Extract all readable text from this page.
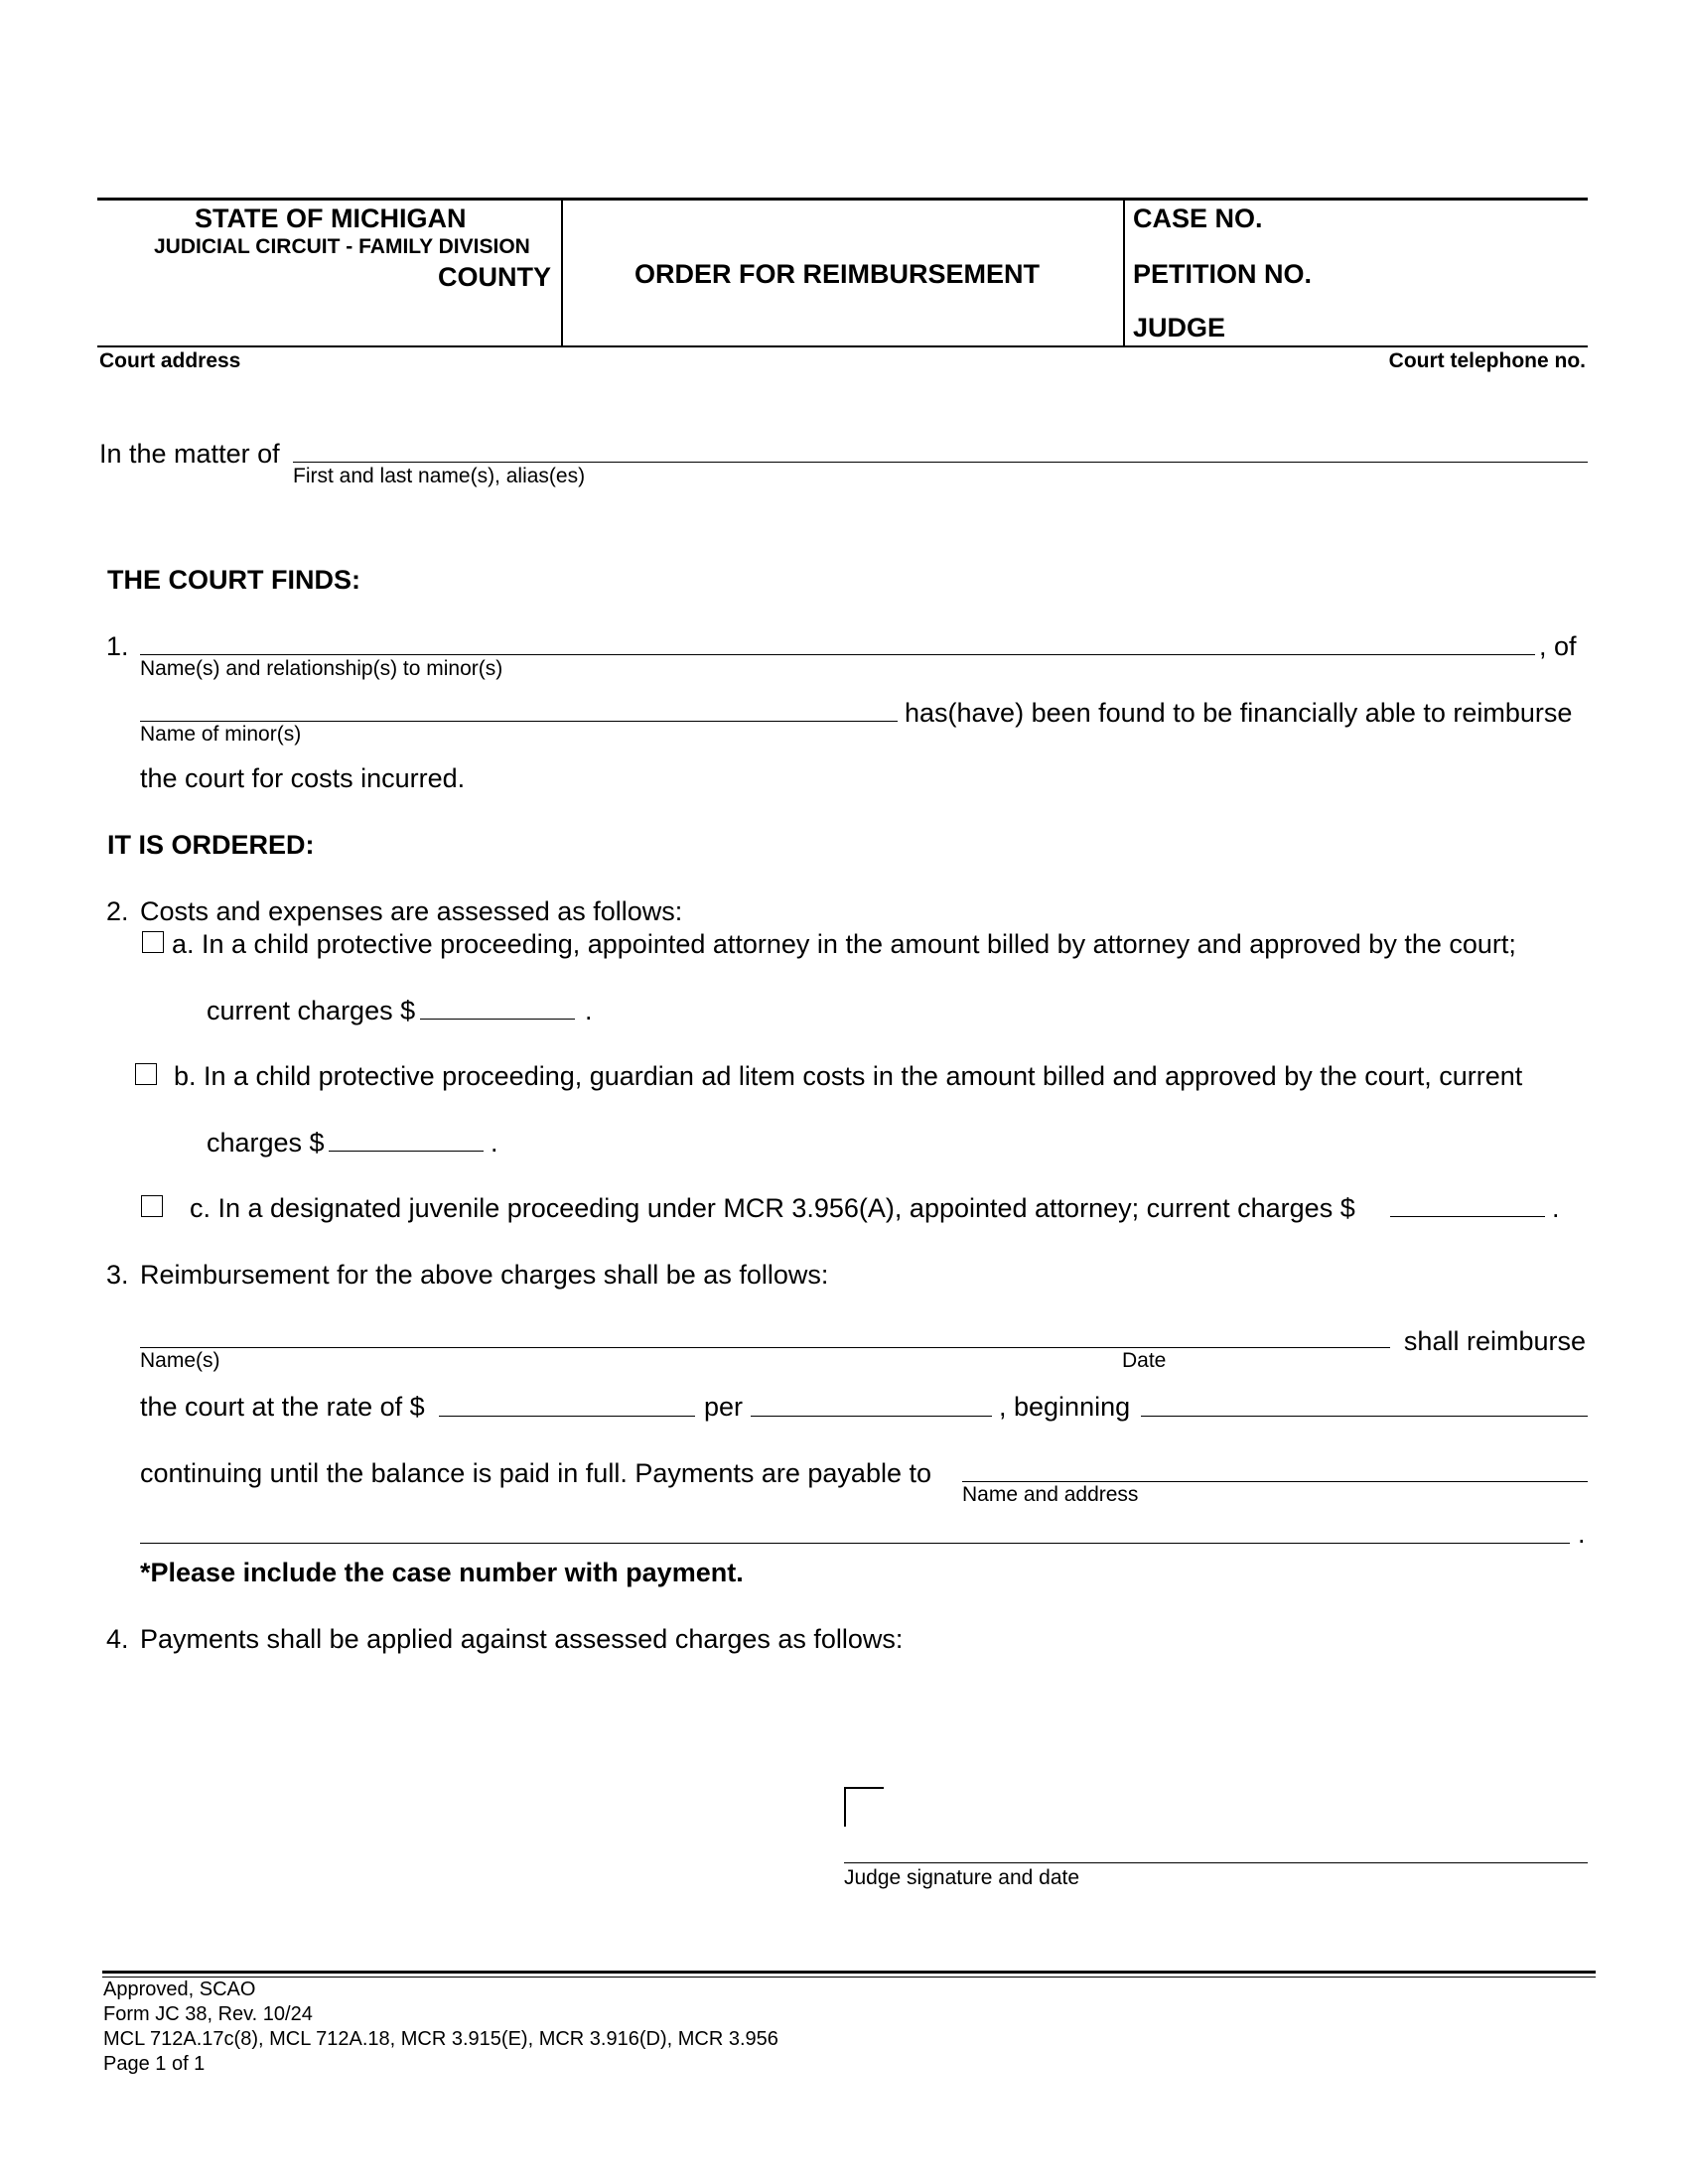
STATE OF MICHIGAN
JUDICIAL CIRCUIT - FAMILY DIVISION
COUNTY	ORDER FOR REIMBURSEMENT
CASE NO.
PETITION NO.
JUDGE
Court address	Court telephone no.
In the matter of
First and last name(s), alias(es)
THE COURT FINDS:
1.	, of
Name(s) and relationship(s) to minor(s)
Name of minor(s)
has(have) been found to be financially able to reimburse
the court for costs incurred.
IT IS ORDERED:
2. Costs and expenses are assessed as follows:
a. In a child protective proceeding, appointed attorney in the amount billed by attorney and approved by the court;
current charges $	.
b. In a child protective proceeding, guardian ad litem costs in the amount billed and approved by the court, current
charges $	.
c. In a designated juvenile proceeding under MCR 3.956(A), appointed attorney; current charges $	.
3. Reimbursement for the above charges shall be as follows:
Name(s)	Date
shall reimburse
the court at the rate of $	per	, beginning
continuing until the balance is paid in full. Payments are payable to
Name and address
.
*Please include the case number with payment.
4. Payments shall be applied against assessed charges as follows:
Judge signature and date
Approved, SCAO
Form JC 38, Rev. 10/24
MCL 712A.17c(8), MCL 712A.18, MCR 3.915(E), MCR 3.916(D), MCR 3.956
Page 1 of 1
